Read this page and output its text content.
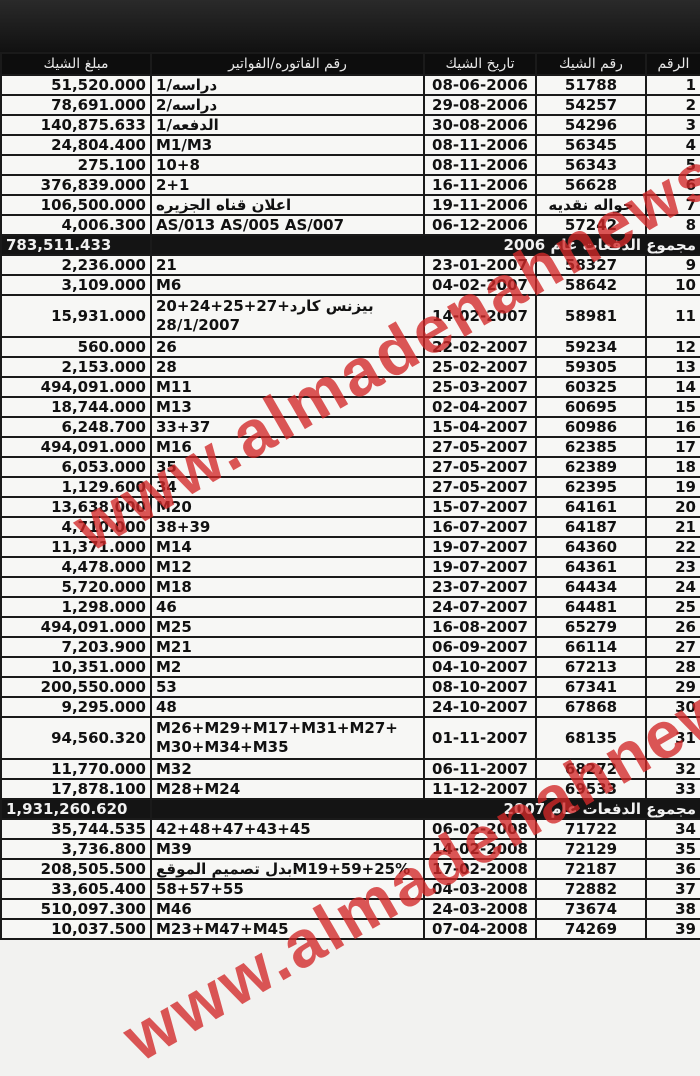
الرقم	رقم الشيك	تاريخ الشيك	رقم الفاتوره/الفواتير	مبلغ الشيك
1	51788	08-06-2006	دراسه/1	51,520.000
2	54257	29-08-2006	دراسه/2	78,691.000
3	54296	30-08-2006	الدفعه/1	140,875.633
4	56345	08-11-2006	M1/M3	24,804.400
5	56343	08-11-2006	10+8	275.100
6	56628	16-11-2006	2+1	376,839.000
7	حواله نقديه	19-11-2006	اعلان قناه الجزيره	106,500.000
8	57242	06-12-2006	AS/013 AS/005 AS/007	4,006.300
مجموع الدفعات عام 2006				783,511.433
9	58327	23-01-2007	21	2,236.000
10	58642	04-02-2007	M6	3,109.000
11	58981	14-02-2007	بيزنس كارد+27+25+24+20 28/1/2007	15,931.000
12	59234	22-02-2007	26	560.000
13	59305	25-02-2007	28	2,153.000
14	60325	25-03-2007	M11	494,091.000
15	60695	02-04-2007	M13	18,744.000
16	60986	15-04-2007	33+37	6,248.700
17	62385	27-05-2007	M16	494,091.000
18	62389	27-05-2007	35	6,053.000
19	62395	27-05-2007	34	1,129.600
20	64161	15-07-2007	M20	13,638.000
21	64187	16-07-2007	38+39	4,710.000
22	64360	19-07-2007	M14	11,371.000
23	64361	19-07-2007	M12	4,478.000
24	64434	23-07-2007	M18	5,720.000
25	64481	24-07-2007	46	1,298.000
26	65279	16-08-2007	M25	494,091.000
27	66114	06-09-2007	M21	7,203.900
28	67213	04-10-2007	M2	10,351.000
29	67341	08-10-2007	53	200,550.000
30	67868	24-10-2007	48	9,295.000
31	68135	01-11-2007	M26+M29+M17+M31+M27+ M30+M34+M35	94,560.320
32	68272	06-11-2007	M32	11,770.000
33	69533	11-12-2007	M28+M24	17,878.100
مجموع الدفعات عام 2007				1,931,260.620
34	71722	06-02-2008	42+48+47+43+45	35,744.535
35	72129	14-02-2008	M39	3,736.800
36	72187	17-02-2008	M19+59+25%بدل تصميم الموقع	208,505.500
37	72882	04-03-2008	58+57+55	33,605.400
38	73674	24-03-2008	M46	510,097.300
39	74269	07-04-2008	M23+M47+M45	10,037.500
